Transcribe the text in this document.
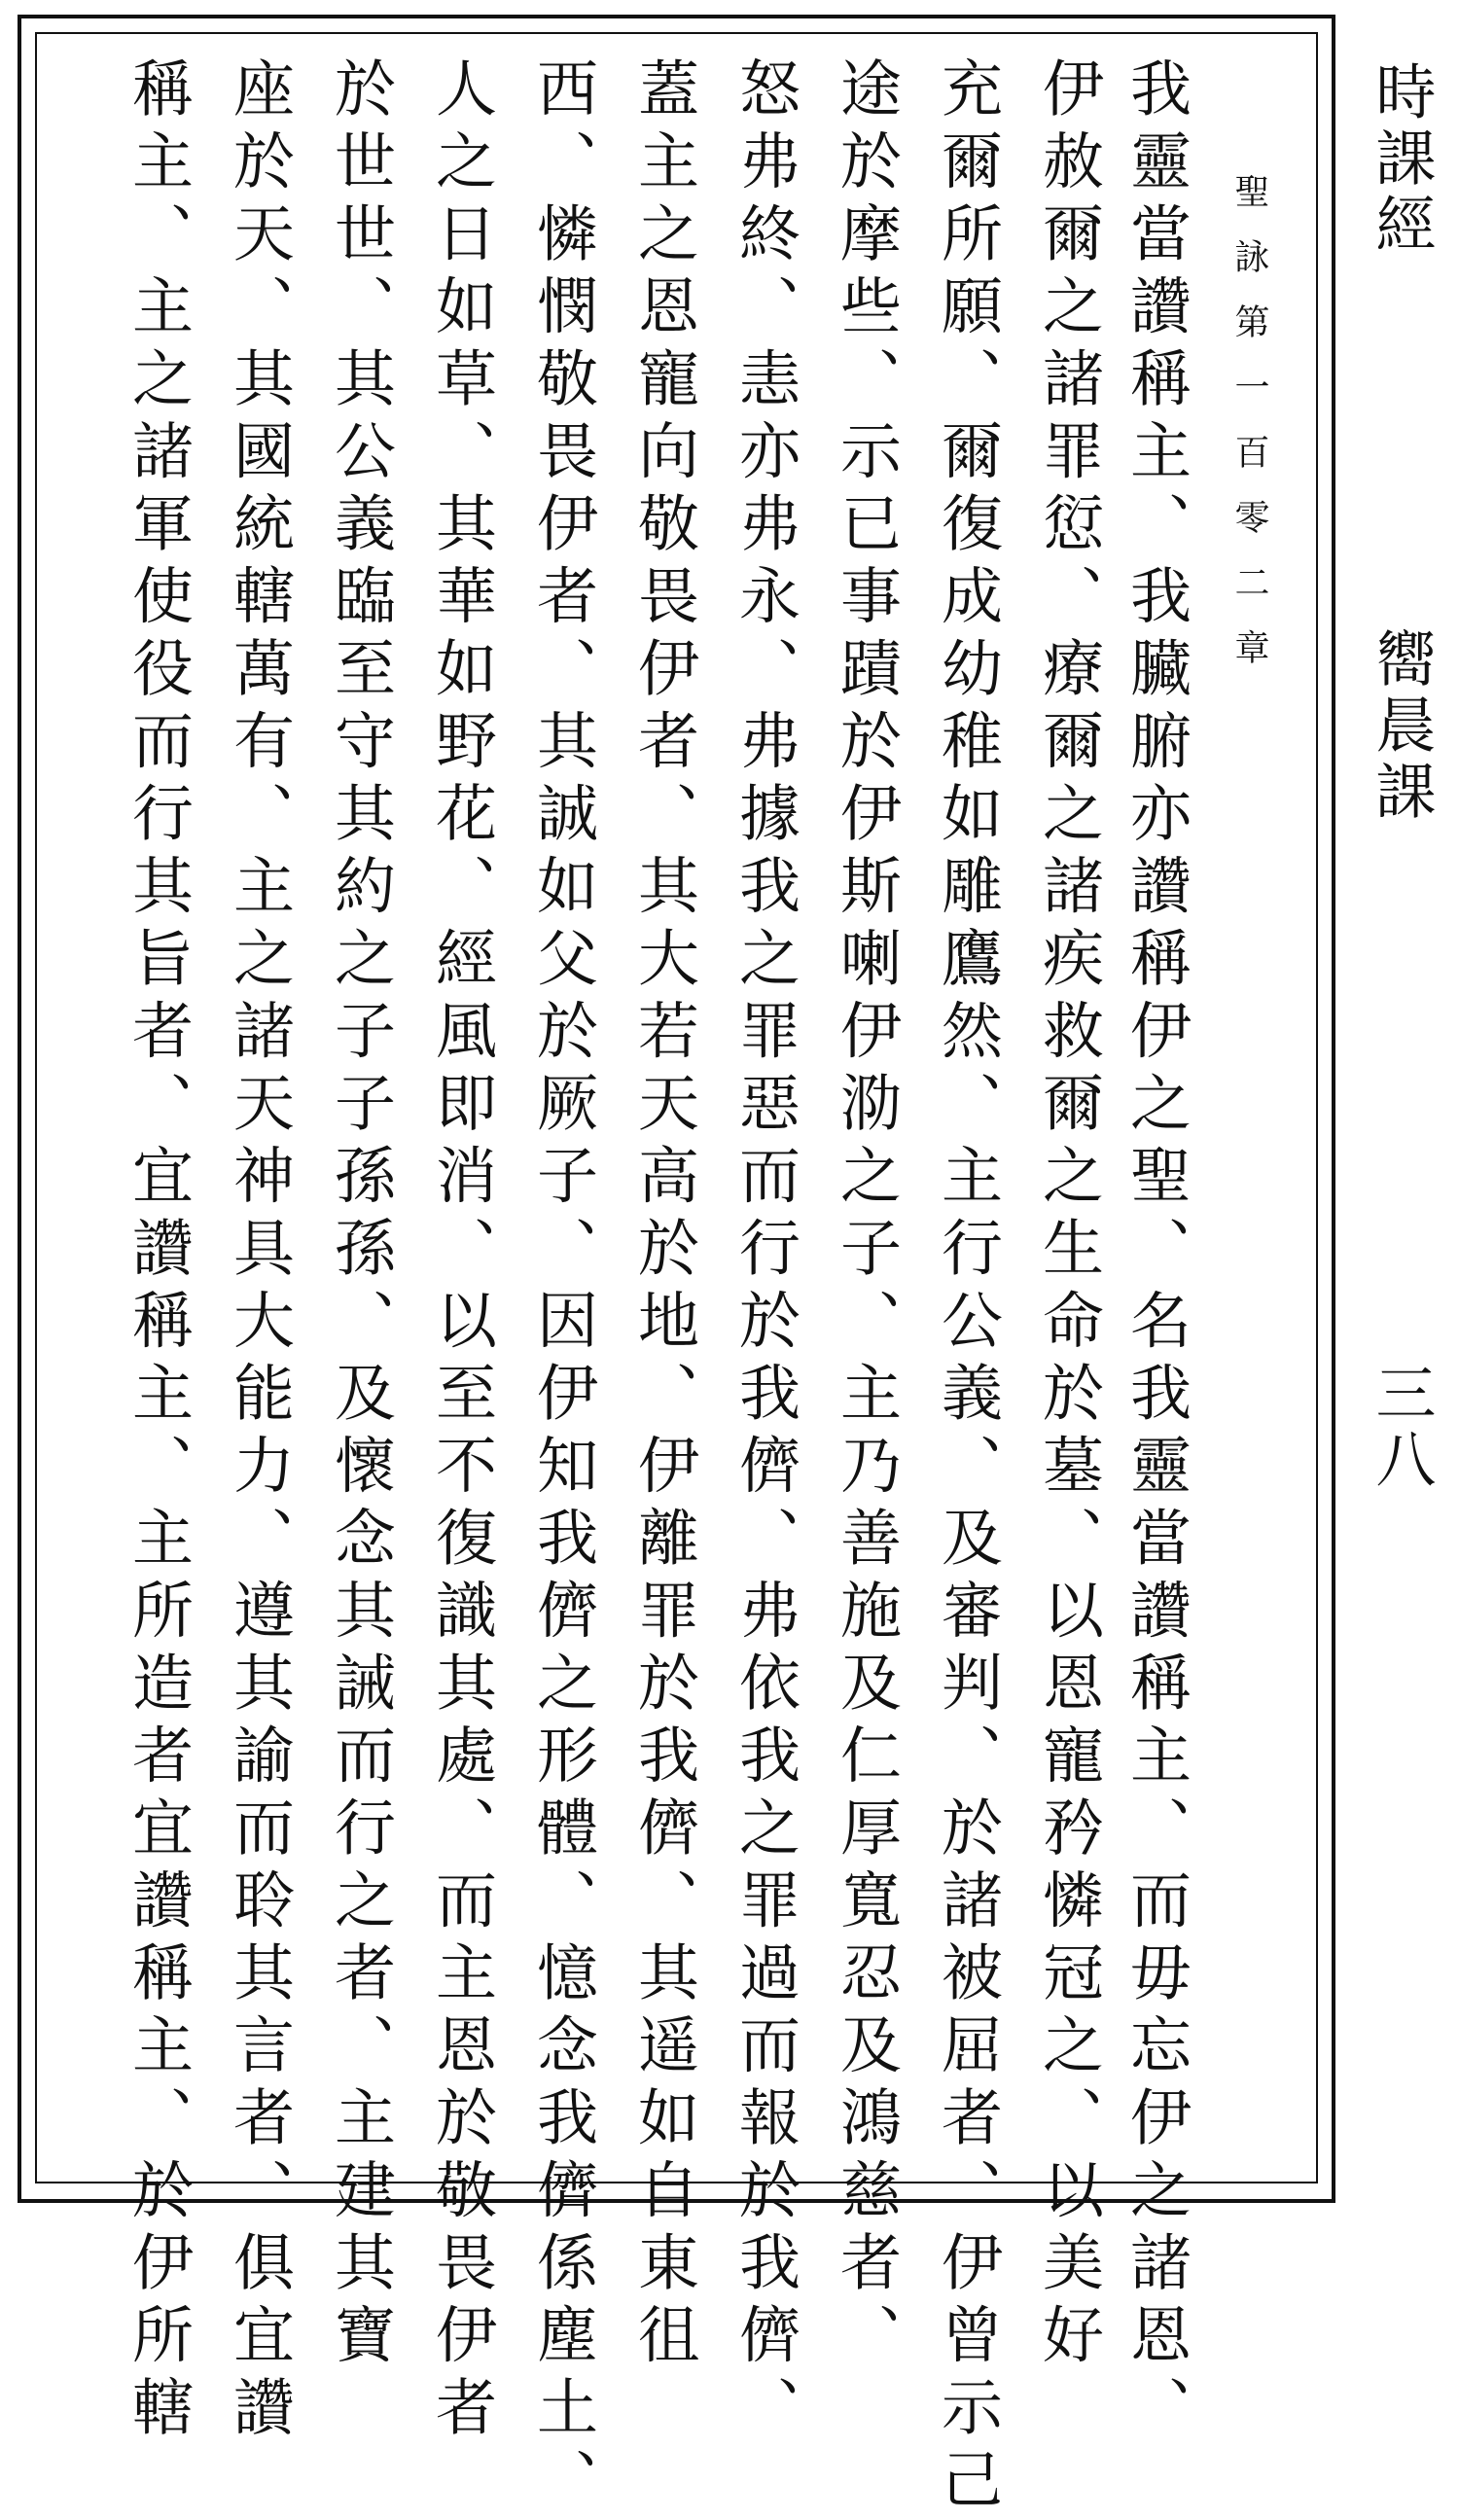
我靈當讚稱主、我臟腑亦讚稱伊之聖、名我靈當讚稱主、而毋忘伊之諸恩、 聖詠第一百零二章
伊赦爾之諸罪愆、療爾之諸疾救爾之生命於墓、以恩寵矜憐冠之、以美好
充爾所願、爾復成幼稚如雕鷹然、主行公義、及審判、於諸被屈者、伊曾示己
途於摩些、示已事蹟於伊斯喇伊泐之子、主乃善施及仁厚寬忍及鴻慈者、
怒弗終、恚亦弗永、弗據我之罪惡而行於我儕、弗依我之罪過而報於我儕、
蓋主之恩寵向敬畏伊者、其大若天高於地、伊離罪於我儕、其遥如自東徂
西、憐憫敬畏伊者、其誠如父於厥子、因伊知我儕之形體、憶念我儕係塵土、
人之日如草、其華如野花、經風即消、以至不復識其處、而主恩於敬畏伊者
於世世、其公義臨至守其約之子子孫孫、及懷念其誡而行之者、主建其寶
座於天、其國統轄萬有、主之諸天神具大能力、遵其諭而聆其言者、俱宜讚
稱主、主之諸軍使役而行其旨者、宜讚稱主、主所造者宜讚稱主、於伊所轄	時課經
嚮晨課
三八
